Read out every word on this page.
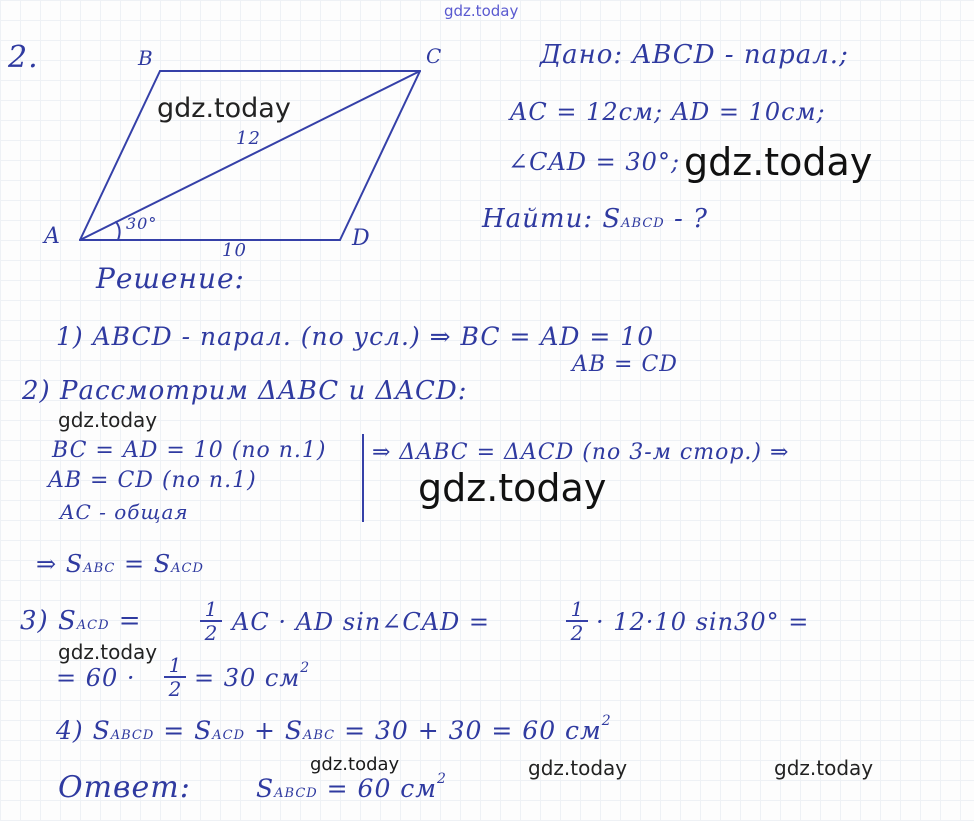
gdz.today
2.	B	C
A	D
12
10
30°
gdz.today
Дано: ABCD - парал.;
AC = 12см; AD = 10см;
∠CAD = 30°; gdz.today
Найти: SABCD - ?
Решение:
1) ABCD - парал. (по усл.) ⇒ BC = AD = 10
AB = CD
2) Рассмотрим ΔABC и ΔACD:
gdz.today
BC = AD = 10 (по п.1)
AB = CD (по п.1)
AC - общая
⇒ ΔABC = ΔACD (по 3-м стор.) ⇒
gdz.today
⇒ SABC = SACD
3) SACD =	$\frac{1}{2}$ AC · AD sin∠CAD =	$\frac{1}{2} \cdot 12\cdot 10$ sin30° =
gdz.today
= $60 \cdot \frac{1}{2} = 30$ $см^2$
4) SABCD = SACD + SABC = 30 + 30 = 60 $см^2$
Ответ:	SABCD = 60 $см^2$
gdz.today	gdz.today	gdz.today
